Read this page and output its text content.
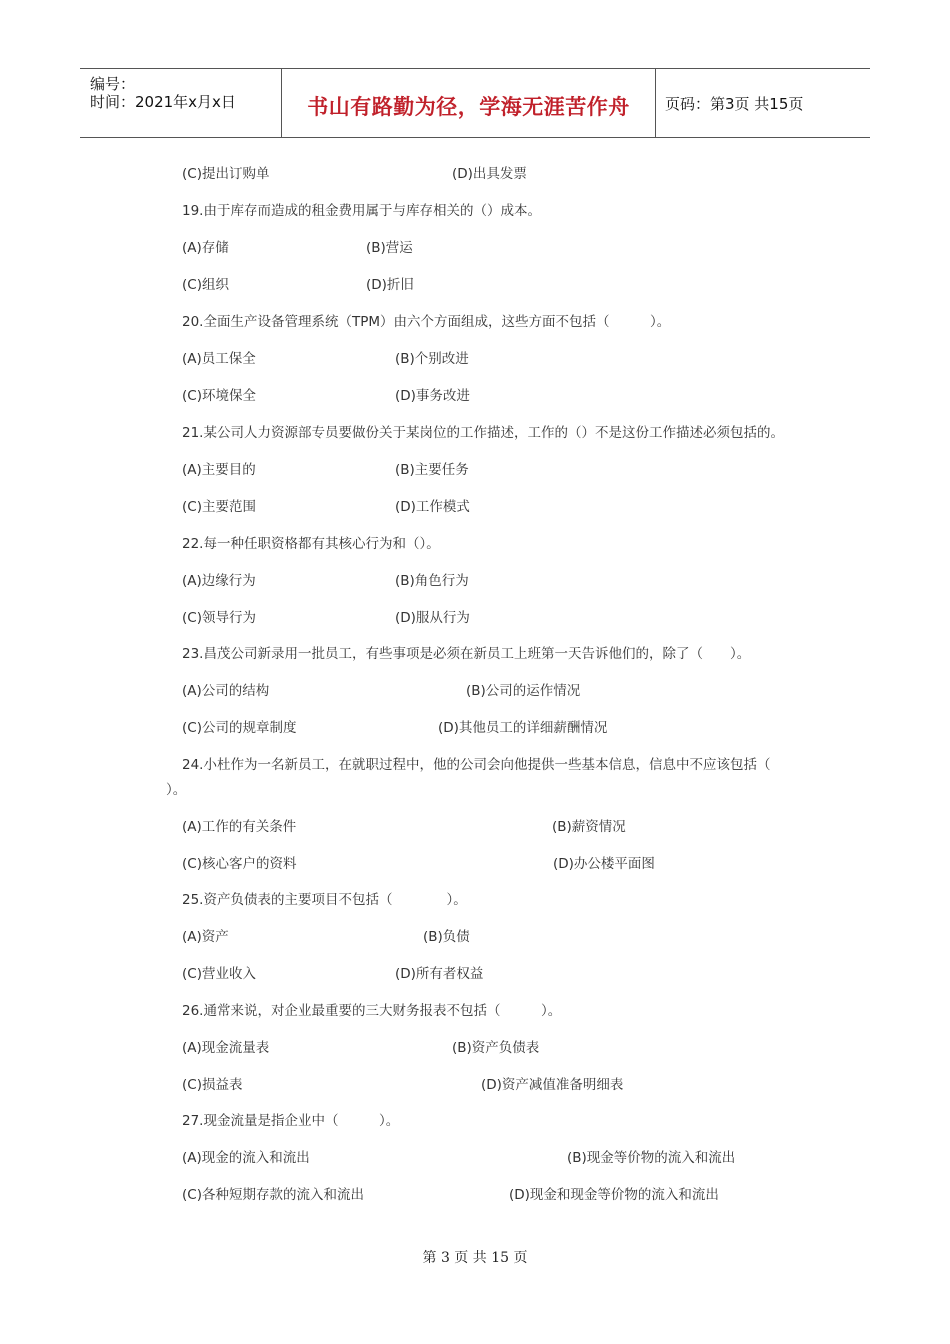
编号：
时间：2021年x月x日	书山有路勤为径，学海无涯苦作舟	页码：第3页 共15页
(C)提出订购单	(D)出具发票
19.由于库存而造成的租金费用属于与库存相关的（）成本。
(A)存储	(B)营运
(C)组织	(D)折旧
20.全面生产设备管理系统（TPM）由六个方面组成，这些方面不包括（　　　）。
(A)员工保全	(B)个别改进
(C)环境保全	(D)事务改进
21.某公司人力资源部专员要做份关于某岗位的工作描述，工作的（）不是这份工作描述必须包括的。
(A)主要目的	(B)主要任务
(C)主要范围	(D)工作模式
22.每一种任职资格都有其核心行为和（）。
(A)边缘行为	(B)角色行为
(C)领导行为	(D)服从行为
23.昌茂公司新录用一批员工，有些事项是必须在新员工上班第一天告诉他们的，除了（　　）。
(A)公司的结构	(B)公司的运作情况
(C)公司的规章制度	(D)其他员工的详细薪酬情况
24.小杜作为一名新员工，在就职过程中，他的公司会向他提供一些基本信息，信息中不应该包括（
）。
(A)工作的有关条件	(B)薪资情况
(C)核心客户的资料	(D)办公楼平面图
25.资产负债表的主要项目不包括（　　　　）。
(A)资产	(B)负债
(C)营业收入	(D)所有者权益
26.通常来说，对企业最重要的三大财务报表不包括（　　　）。
(A)现金流量表	(B)资产负债表
(C)损益表	(D)资产减值准备明细表
27.现金流量是指企业中（　　　）。
(A)现金的流入和流出	(B)现金等价物的流入和流出
(C)各种短期存款的流入和流出	(D)现金和现金等价物的流入和流出
第 3 页 共 15 页
